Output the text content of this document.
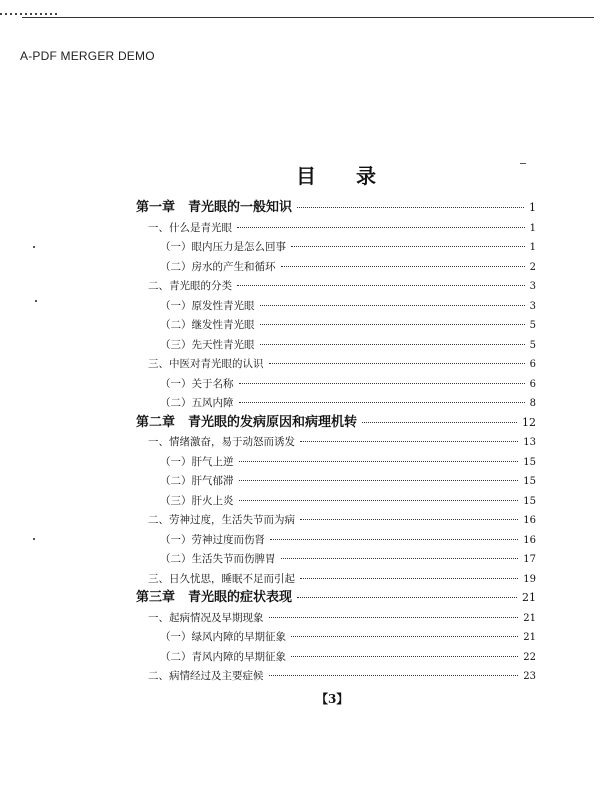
A-PDF MERGER DEMO
目录
第一章　青光眼的一般知识	1
一、什么是青光眼	1
（一）眼内压力是怎么回事	1
（二）房水的产生和循环	2
二、青光眼的分类	3
（一）原发性青光眼	3
（二）继发性青光眼	5
（三）先天性青光眼	5
三、中医对青光眼的认识	6
（一）关于名称	6
（二）五风内障	8
第二章　青光眼的发病原因和病理机转	12
一、情绪激奋，易于动怒而诱发	13
（一）肝气上逆	15
（二）肝气郁滞	15
（三）肝火上炎	15
二、劳神过度，生活失节而为病	16
（一）劳神过度而伤肾	16
（二）生活失节而伤脾胃	17
三、日久忧思，睡眠不足而引起	19
第三章　青光眼的症状表现	21
一、起病情况及早期现象	21
（一）绿风内障的早期征象	21
（二）青风内障的早期征象	22
二、病情经过及主要症候	23
【3】
